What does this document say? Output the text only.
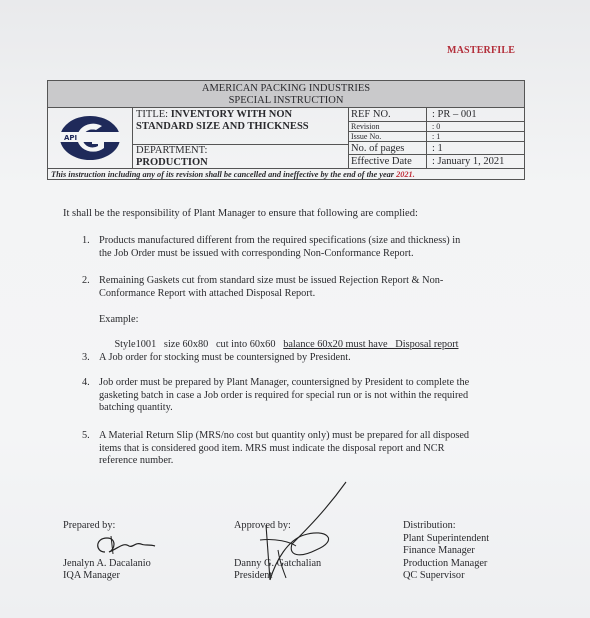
MASTERFILE
AMERICAN PACKING INDUSTRIES
SPECIAL INSTRUCTION
API
TITLE: INVENTORY WITH NON
STANDARD SIZE AND THICKNESS
DEPARTMENT:
PRODUCTION
REF NO.	: PR – 001
Revision	: 0
Issue No.	: 1
No. of pages	: 1
Effective Date : January 1, 2021
This instruction including any of its revision shall be cancelled and ineffective by the end of the year 2021.
It shall be the responsibility of Plant Manager to ensure that following are complied:
1. Products manufactured different from the required specifications (size and thickness) in
the Job Order must be issued with corresponding Non-Conformance Report.
2. Remaining Gaskets cut from standard size must be issued Rejection Report & Non-
Conformance Report with attached Disposal Report.
Example:

Style1001   size 60x80   cut into 60x60 balance 60x20 must have   Disposal report

3. A Job order for stocking must be countersigned by President.
4. Job order must be prepared by Plant Manager, countersigned by President to complete the
gasketing batch in case a Job order is required for special run or is not within the required
batching quantity.
5. A Material Return Slip (MRS/no cost but quantity only) must be prepared for all disposed
items that is considered good item. MRS must indicate the disposal report and NCR
reference number.
Prepared by:
Jenalyn A. Dacalanio
IQA Manager
Approved by:
Danny G. Gatchalian
President
Distribution:
Plant Superintendent
Finance Manager
Production Manager
QC Supervisor
